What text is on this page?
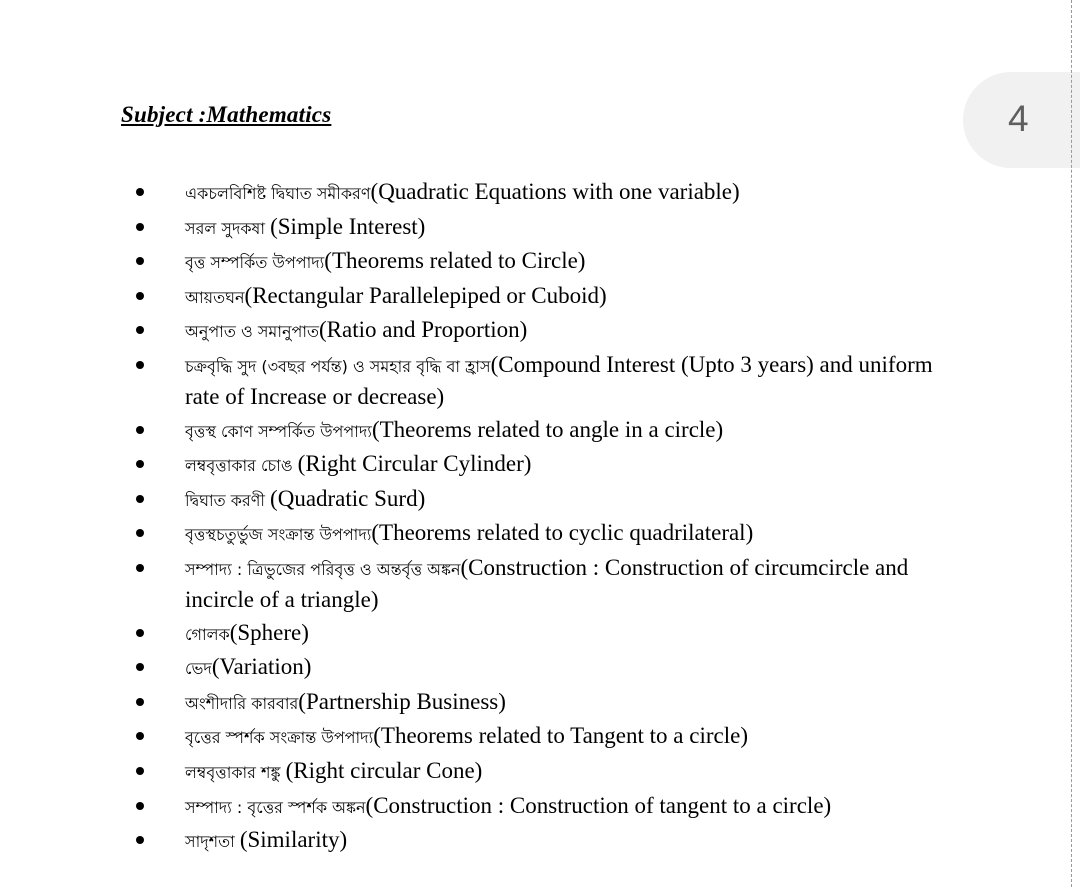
Subject :Mathematics	4
একচলবিশিষ্ট দ্বিঘাত সমীকরণ(Quadratic Equations with one variable)
সরল সুদকষা (Simple Interest)
বৃত্ত সম্পর্কিত উপপাদ্য(Theorems related to Circle)
আয়তঘন(Rectangular Parallelepiped or Cuboid)
অনুপাত ও সমানুপাত(Ratio and Proportion)
চক্রবৃদ্ধি সুদ (৩বছর পর্যন্ত) ও সমহার বৃদ্ধি বা হ্রাস(Compound Interest (Upto 3 years) and uniform rate of Increase or decrease)
বৃত্তস্থ কোণ সম্পর্কিত উপপাদ্য(Theorems related to angle in a circle)
লম্ববৃত্তাকার চোঙ (Right Circular Cylinder)
দ্বিঘাত করণী (Quadratic Surd)
বৃত্তস্থচতুর্ভুজ সংক্রান্ত উপপাদ্য(Theorems related to cyclic quadrilateral)
সম্পাদ্য : ত্রিভুজের পরিবৃত্ত ও অন্তর্বৃত্ত অঙ্কন(Construction : Construction of circumcircle and incircle of a triangle)
গোলক(Sphere)
ভেদ(Variation)
অংশীদারি কারবার(Partnership Business)
বৃত্তের স্পর্শক সংক্রান্ত উপপাদ্য(Theorems related to Tangent to a circle)
লম্ববৃত্তাকার শঙ্কু (Right circular Cone)
সম্পাদ্য : বৃত্তের স্পর্শক অঙ্কন(Construction : Construction of tangent to a circle)
সাদৃশতা (Similarity)
